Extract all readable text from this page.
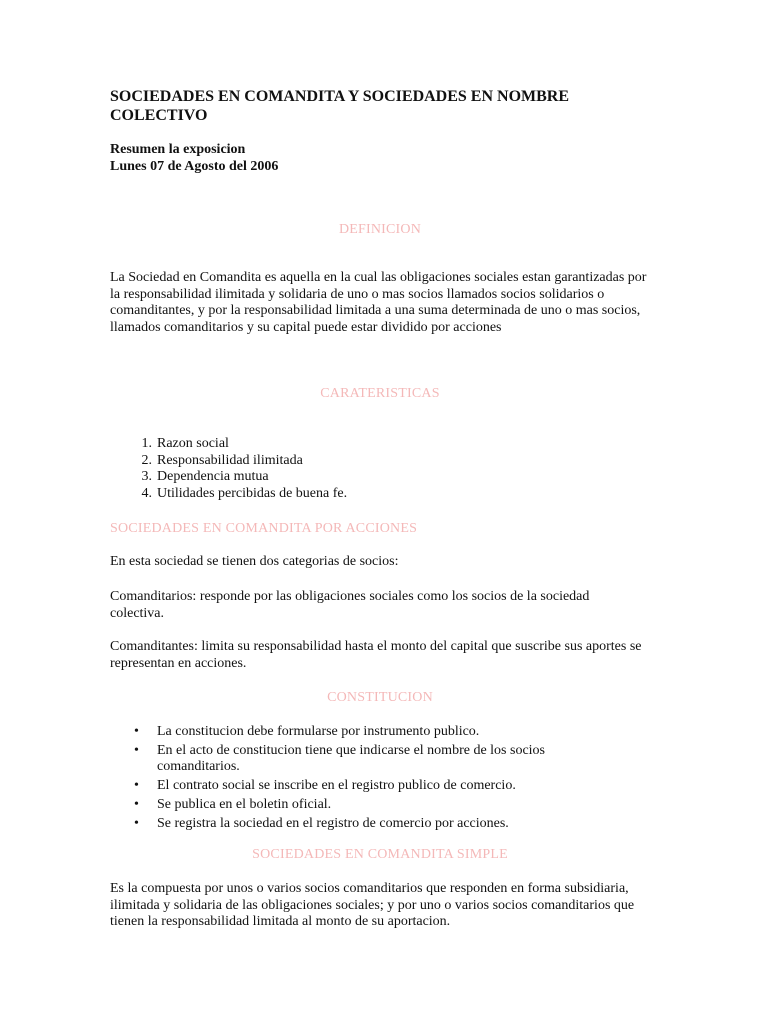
SOCIEDADES EN COMANDITA Y SOCIEDADES EN NOMBRE
COLECTIVO
Resumen la exposicion
Lunes 07 de Agosto del 2006

DEFINICION

La Sociedad en Comandita es aquella en la cual las obligaciones sociales estan garantizadas por la responsabilidad ilimitada y solidaria de uno o mas socios llamados socios solidarios o comanditantes, y por la responsabilidad limitada a una suma determinada de uno o mas socios, llamados comanditarios y su capital puede estar dividido por acciones

CARATERISTICAS

1. Razon social
2. Responsabilidad ilimitada
3. Dependencia mutua
4. Utilidades percibidas de buena fe.

SOCIEDADES EN COMANDITA POR ACCIONES

En esta sociedad se tienen dos categorias de socios:

Comanditarios: responde por las obligaciones sociales como los socios de la sociedad colectiva.

Comanditantes: limita su responsabilidad hasta el monto del capital que suscribe sus aportes se representan en acciones.

CONSTITUCION

• La constitucion debe formularse por instrumento publico.
• En el acto de constitucion tiene que indicarse el nombre de los socios comanditarios.
• El contrato social se inscribe en el registro publico de comercio.
• Se publica en el boletin oficial.
• Se registra la sociedad en el registro de comercio por acciones.

SOCIEDADES EN COMANDITA SIMPLE

Es la compuesta por unos o varios socios comanditarios que responden en forma subsidiaria, ilimitada y solidaria de las obligaciones sociales; y por uno o varios socios comanditarios que tienen la responsabilidad limitada al monto de su aportacion.
